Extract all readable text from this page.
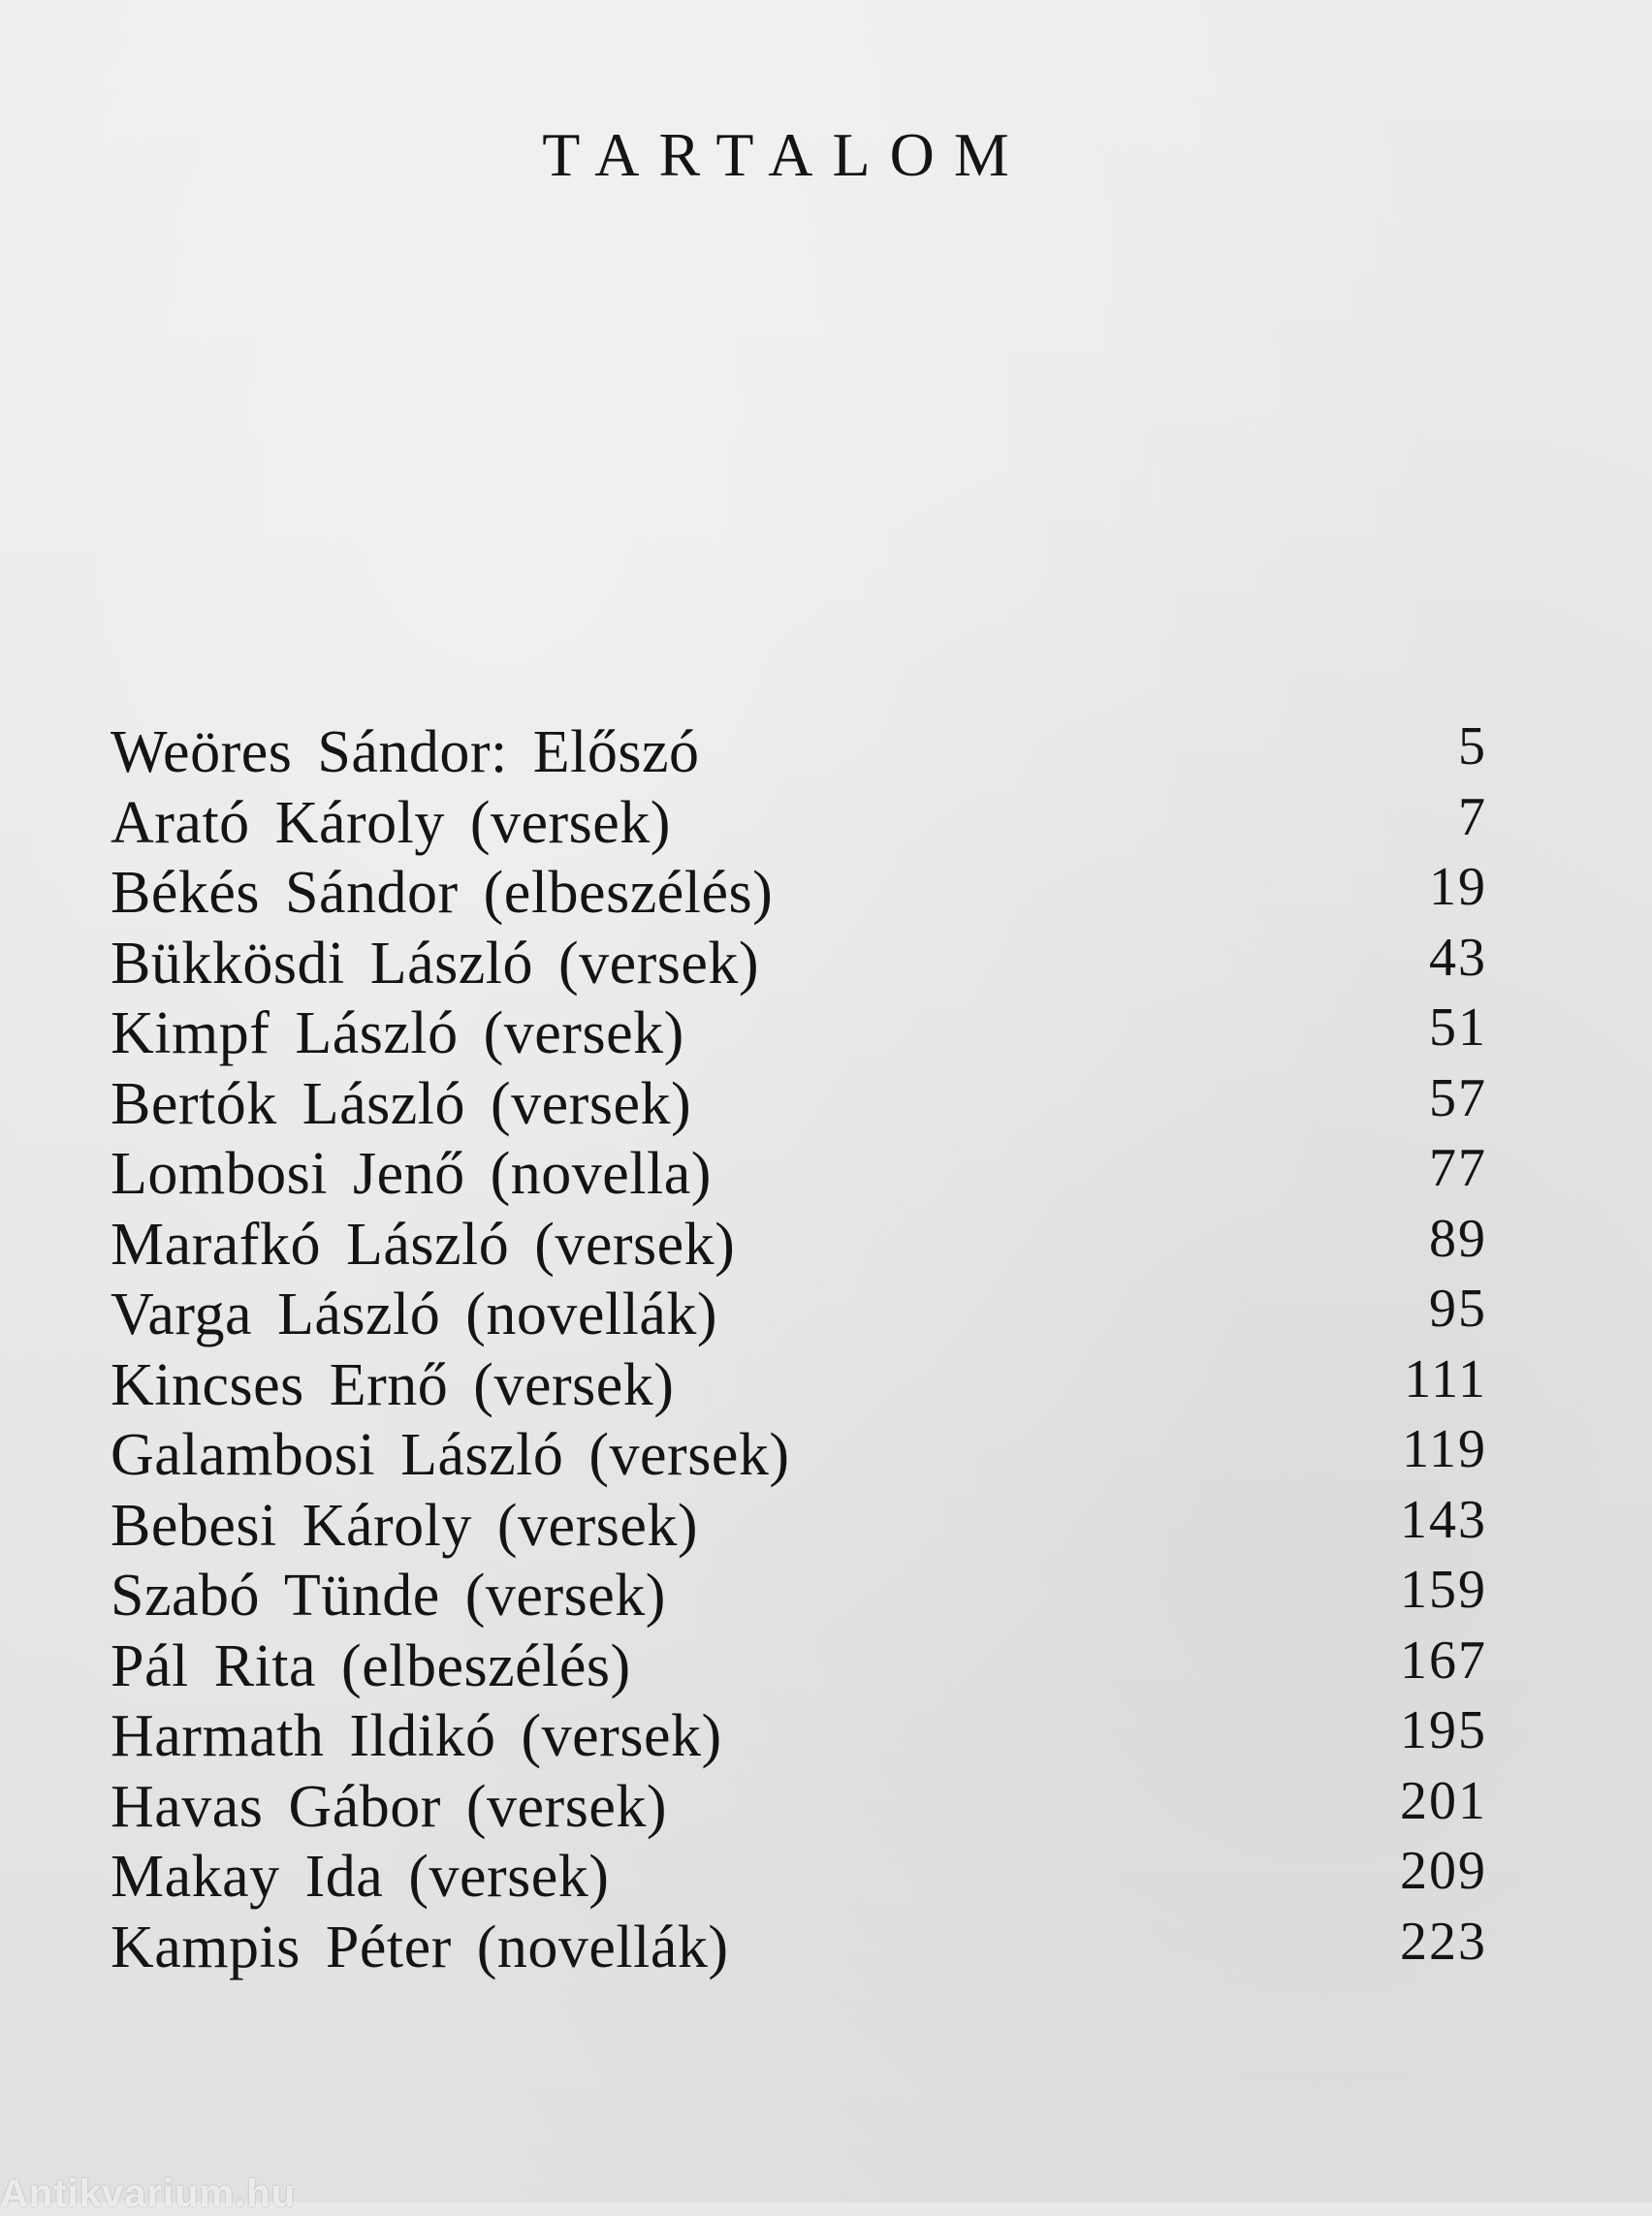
TARTALOM
Weöres Sándor: Előszó	5
Arató Károly (versek)	7
Békés Sándor (elbeszélés)	19
Bükkösdi László (versek)	43
Kimpf László (versek)	51
Bertók László (versek)	57
Lombosi Jenő (novella)	77
Marafkó László (versek)	89
Varga László (novellák)	95
Kincses Ernő (versek)	111
Galambosi László (versek)	119
Bebesi Károly (versek)	143
Szabó Tünde (versek)	159
Pál Rita (elbeszélés)	167
Harmath Ildikó (versek)	195
Havas Gábor (versek)	201
Makay Ida (versek)	209
Kampis Péter (novellák)	223
Antikvarium.hu
